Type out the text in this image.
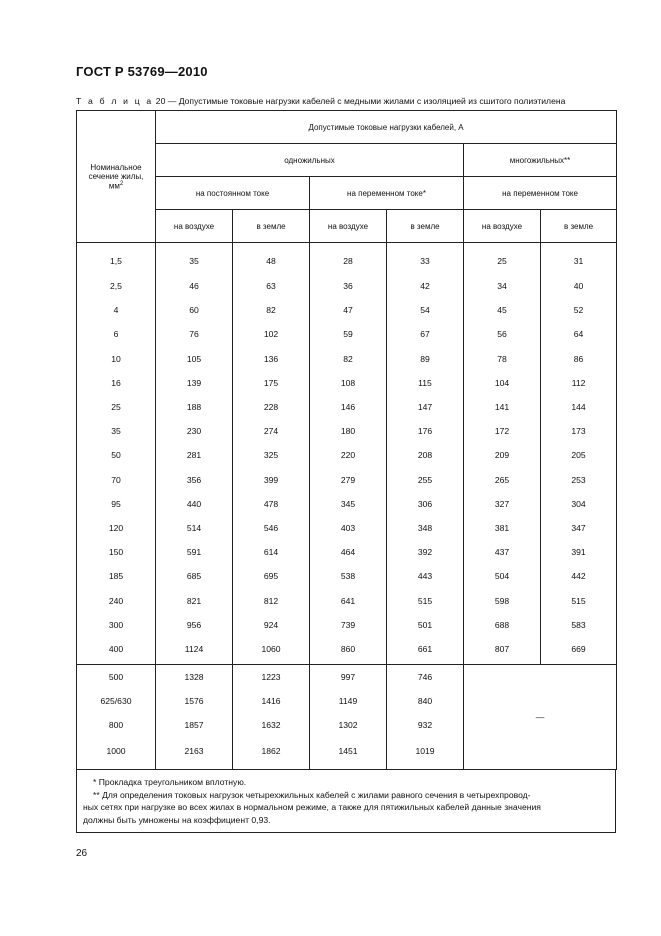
ГОСТ Р 53769—2010
Т а б л и ц а 20 — Допустимые токовые нагрузки кабелей с медными жилами с изоляцией из сшитого полиэтилена
Номинальное
сечение жилы,
$мм^2$	Допустимые токовые нагрузки кабелей, А					
	одножильных				многожильных**	
	на постоянном токе		на переменном токе*		на переменном токе	
	на воздухе	в земле	на воздухе	в земле	на воздухе	в земле
1,5	35	48	28	33	25	31
2,5	46	63	36	42	34	40
4	60	82	47	54	45	52
6	76	102	59	67	56	64
10	105	136	82	89	78	86
16	139	175	108	115	104	112
25	188	228	146	147	141	144
35	230	274	180	176	172	173
50	281	325	220	208	209	205
70	356	399	279	255	265	253
95	440	478	345	306	327	304
120	514	546	403	348	381	347
150	591	614	464	392	437	391
185	685	695	538	443	504	442
240	821	812	641	515	598	515
300	956	924	739	501	688	583
400	1124	1060	860	661	807	669
500	1328	1223	997	746	—	
625/630	1576	1416	1149	840		
800	1857	1632	1302	932		
1000	2163	1862	1451	1019		
* Прокладка треугольником вплотную.
** Для определения токовых нагрузок четырехжильных кабелей с жилами равного сечения в четырехпровод-
ных сетях при нагрузке во всех жилах в нормальном режиме, а также для пятижильных кабелей данные значения
должны быть умножены на коэффициент 0,93.
26
